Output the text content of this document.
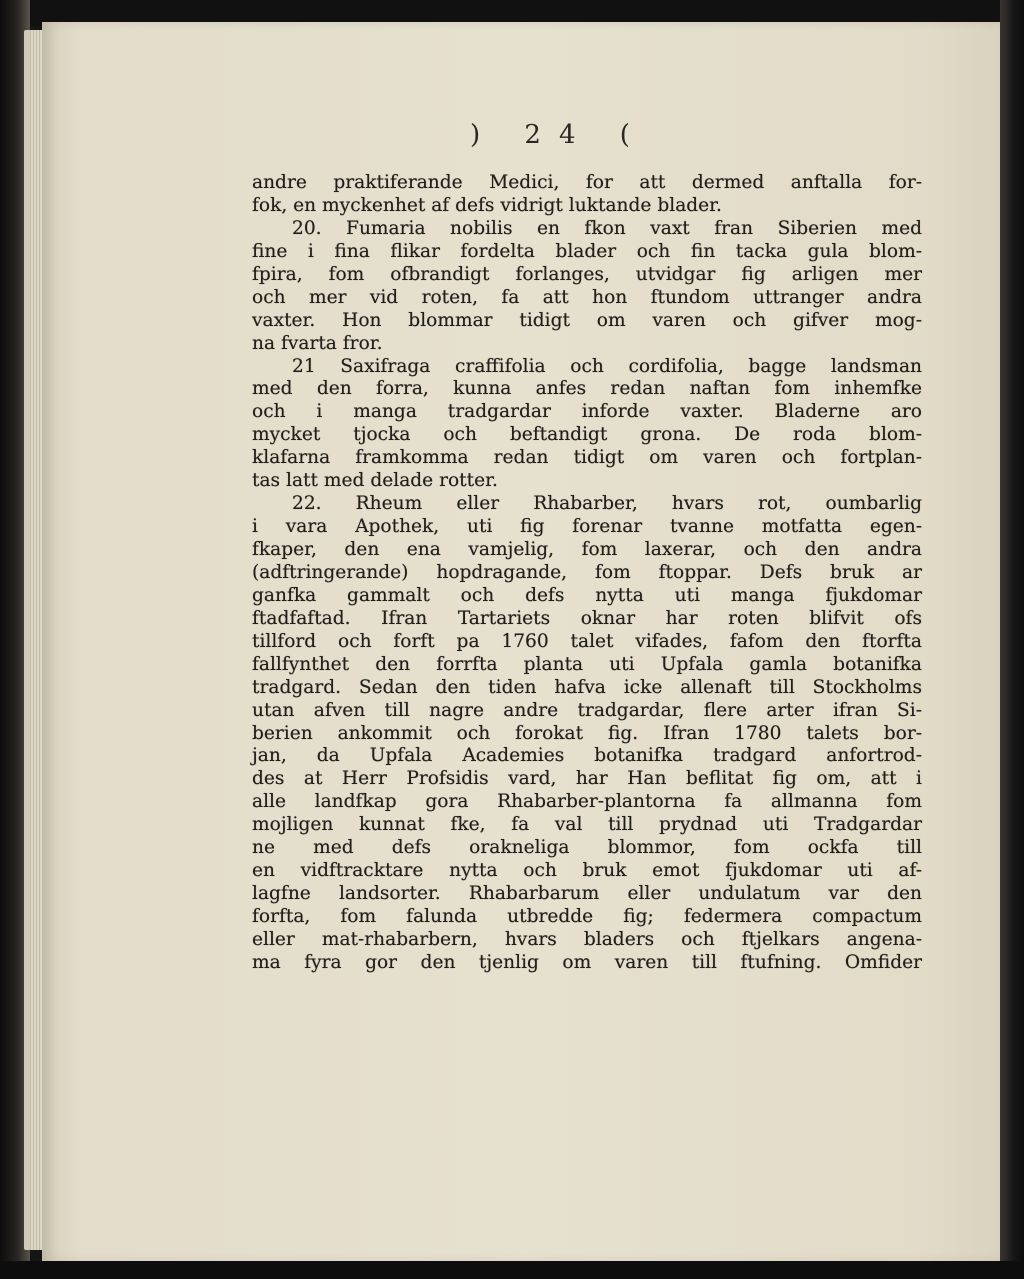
) 24 (
andre praktiferande Medici, for att dermed anftalla for-
fok, en myckenhet af defs vidrigt luktande blader.
20. Fumaria nobilis en fkon vaxt fran Siberien med
fine i fina flikar fordelta blader och fin tacka gula blom-
fpira, fom ofbrandigt forlanges, utvidgar fig arligen mer
och mer vid roten, fa att hon ftundom uttranger andra
vaxter. Hon blommar tidigt om varen och gifver mog-
na fvarta fror.
21 Saxifraga craffifolia och cordifolia, bagge landsman
med den forra, kunna anfes redan naftan fom inhemfke
och i manga tradgardar inforde vaxter. Bladerne aro
mycket tjocka och beftandigt grona. De roda blom-
klafarna framkomma redan tidigt om varen och fortplan-
tas latt med delade rotter.
22. Rheum eller Rhabarber, hvars rot, oumbarlig
i vara Apothek, uti fig forenar tvanne motfatta egen-
fkaper, den ena vamjelig, fom laxerar, och den andra
(adftringerande) hopdragande, fom ftoppar. Defs bruk ar
ganfka gammalt och defs nytta uti manga fjukdomar
ftadfaftad. Ifran Tartariets oknar har roten blifvit ofs
tillford och forft pa 1760 talet vifades, fafom den ftorfta
fallfynthet den forrfta planta uti Upfala gamla botanifka
tradgard. Sedan den tiden hafva icke allenaft till Stockholms
utan afven till nagre andre tradgardar, flere arter ifran Si-
berien ankommit och forokat fig. Ifran 1780 talets bor-
jan, da Upfala Academies botanifka tradgard anfortrod-
des at Herr Profsidis vard, har Han beflitat fig om, att i
alle landfkap gora Rhabarber-plantorna fa allmanna fom
mojligen kunnat fke, fa val till prydnad uti Tradgardar
ne med defs orakneliga blommor, fom ockfa till
en vidftracktare nytta och bruk emot fjukdomar uti af-
lagfne landsorter. Rhabarbarum eller undulatum var den
forfta, fom falunda utbredde fig; federmera compactum
eller mat-rhabarbern, hvars bladers och ftjelkars angena-
ma fyra gor den tjenlig om varen till ftufning. Omfider
